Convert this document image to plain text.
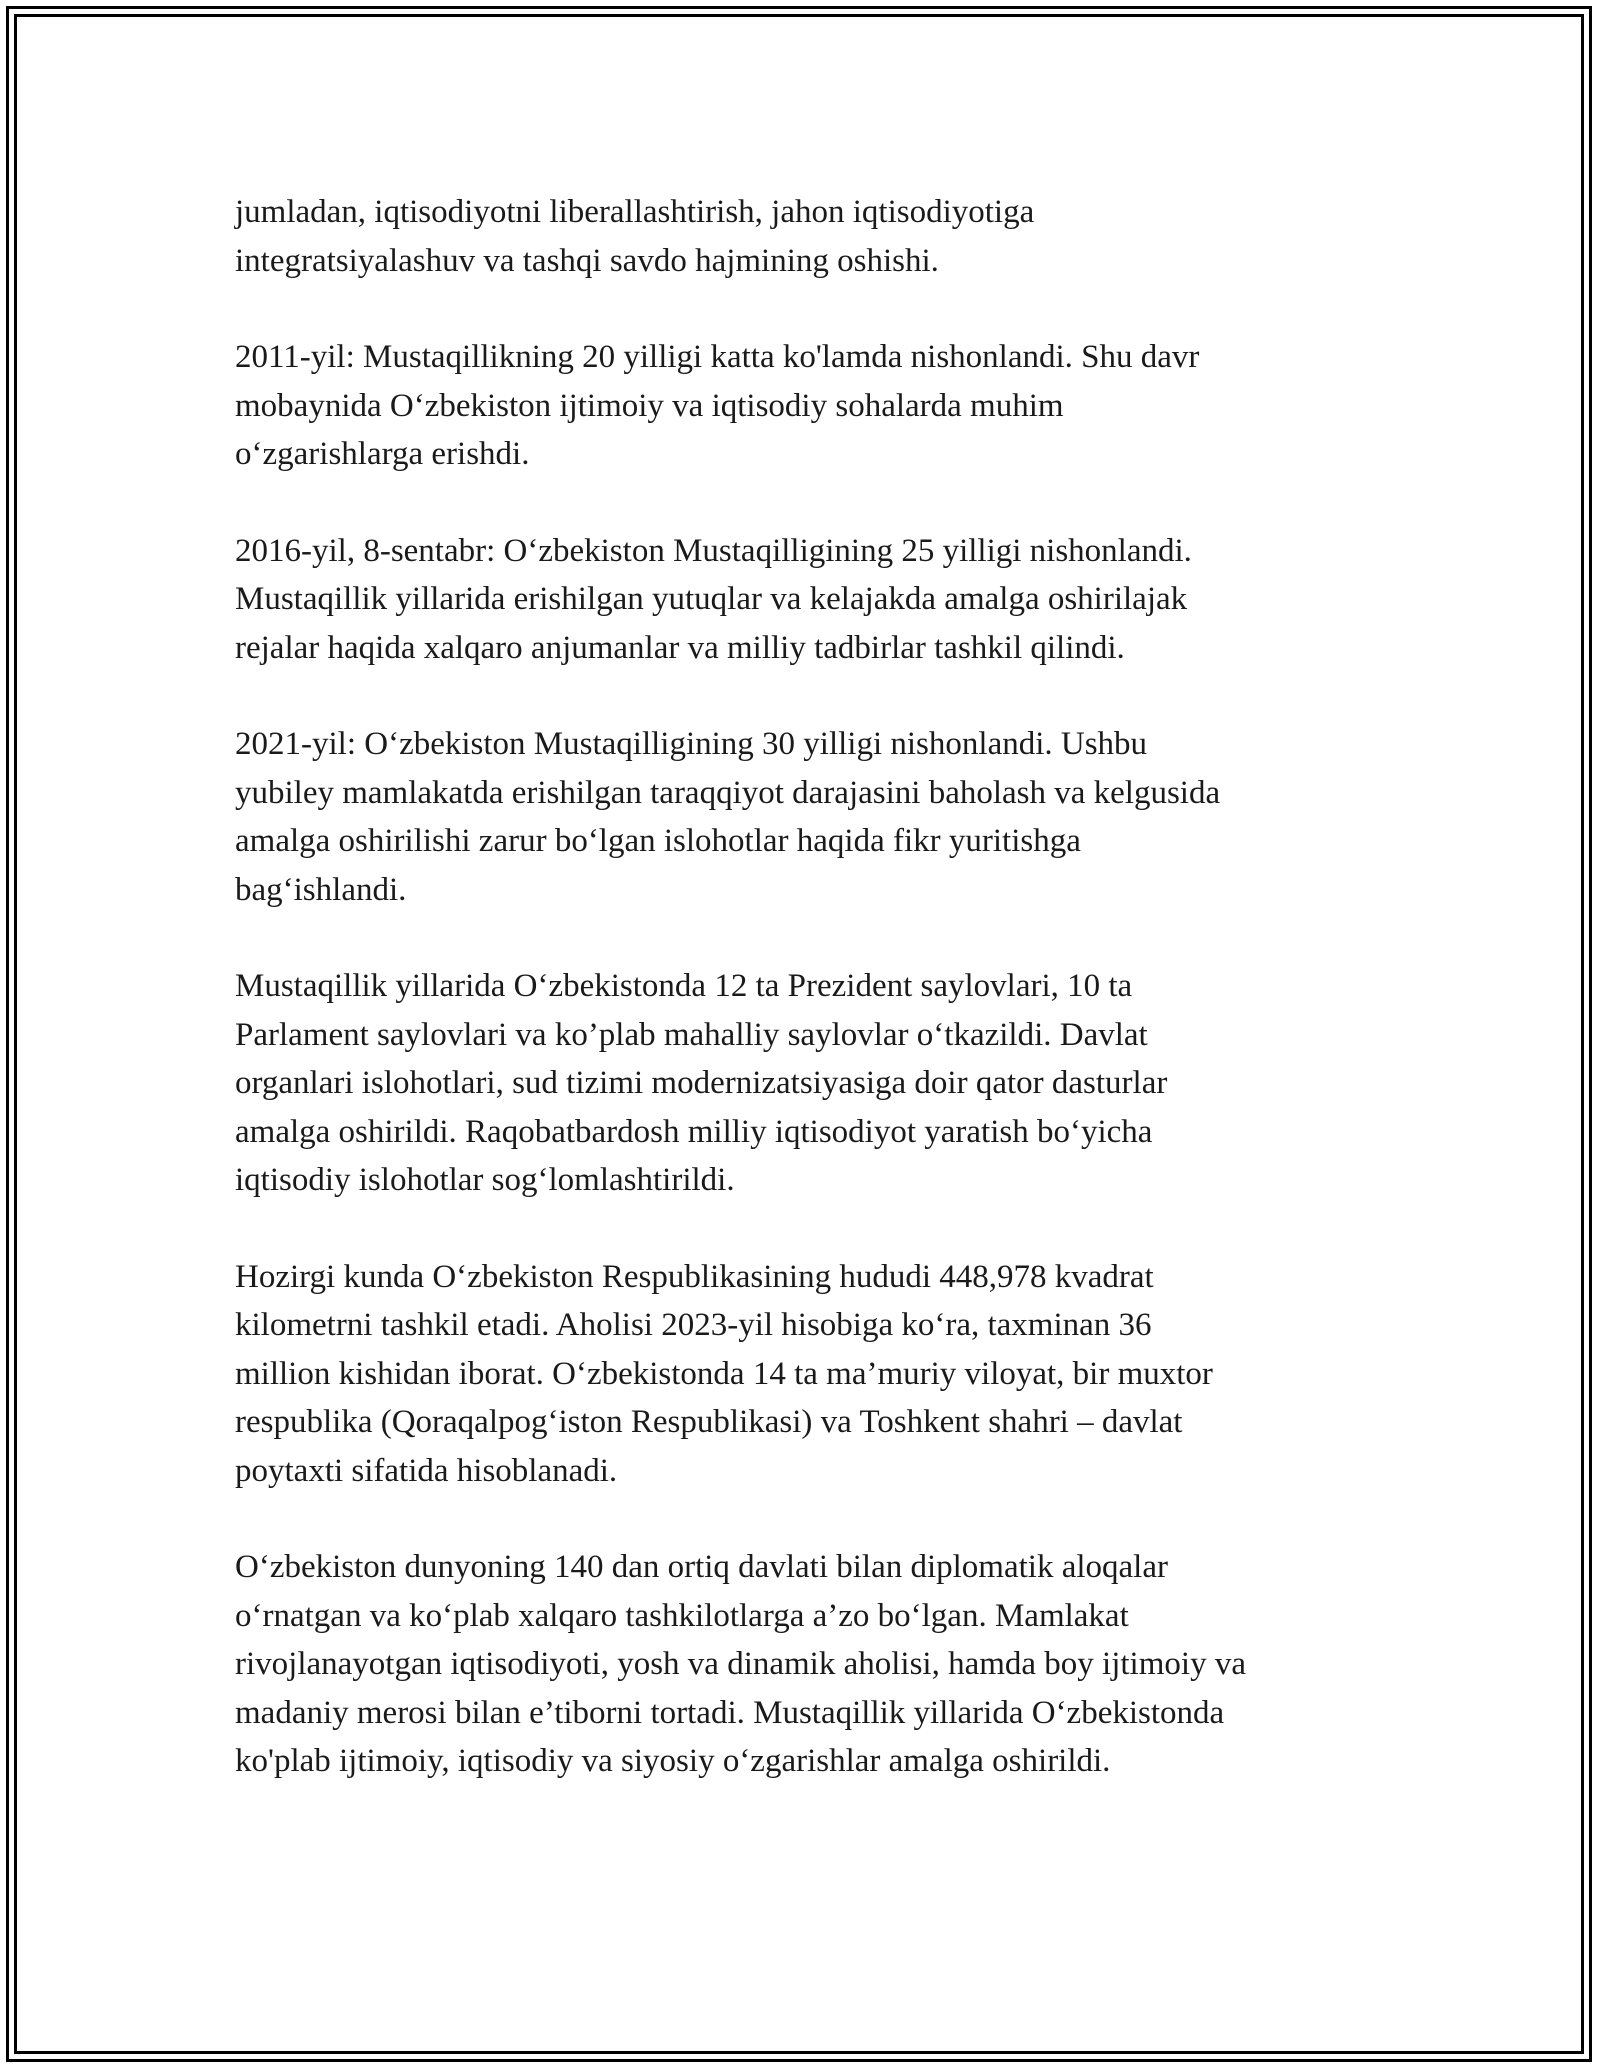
jumladan, iqtisodiyotni liberallashtirish, jahon iqtisodiyotiga
integratsiyalashuv va tashqi savdo hajmining oshishi.

2011-yil: Mustaqillikning 20 yilligi katta ko'lamda nishonlandi. Shu davr
mobaynida O‘zbekiston ijtimoiy va iqtisodiy sohalarda muhim
o‘zgarishlarga erishdi.

2016-yil, 8-sentabr: O‘zbekiston Mustaqilligining 25 yilligi nishonlandi.
Mustaqillik yillarida erishilgan yutuqlar va kelajakda amalga oshirilajak
rejalar haqida xalqaro anjumanlar va milliy tadbirlar tashkil qilindi.

2021-yil: O‘zbekiston Mustaqilligining 30 yilligi nishonlandi. Ushbu
yubiley mamlakatda erishilgan taraqqiyot darajasini baholash va kelgusida
amalga oshirilishi zarur bo‘lgan islohotlar haqida fikr yuritishga
bag‘ishlandi.

Mustaqillik yillarida O‘zbekistonda 12 ta Prezident saylovlari, 10 ta
Parlament saylovlari va ko’plab mahalliy saylovlar o‘tkazildi. Davlat
organlari islohotlari, sud tizimi modernizatsiyasiga doir qator dasturlar
amalga oshirildi. Raqobatbardosh milliy iqtisodiyot yaratish bo‘yicha
iqtisodiy islohotlar sog‘lomlashtirildi.

Hozirgi kunda O‘zbekiston Respublikasining hududi 448,978 kvadrat
kilometrni tashkil etadi. Aholisi 2023-yil hisobiga ko‘ra, taxminan 36
million kishidan iborat. O‘zbekistonda 14 ta ma’muriy viloyat, bir muxtor
respublika (Qoraqalpog‘iston Respublikasi) va Toshkent shahri – davlat
poytaxti sifatida hisoblanadi.

O‘zbekiston dunyoning 140 dan ortiq davlati bilan diplomatik aloqalar
o‘rnatgan va ko‘plab xalqaro tashkilotlarga a’zo bo‘lgan. Mamlakat
rivojlanayotgan iqtisodiyoti, yosh va dinamik aholisi, hamda boy ijtimoiy va
madaniy merosi bilan e’tiborni tortadi. Mustaqillik yillarida O‘zbekistonda
ko'plab ijtimoiy, iqtisodiy va siyosiy o‘zgarishlar amalga oshirildi.
